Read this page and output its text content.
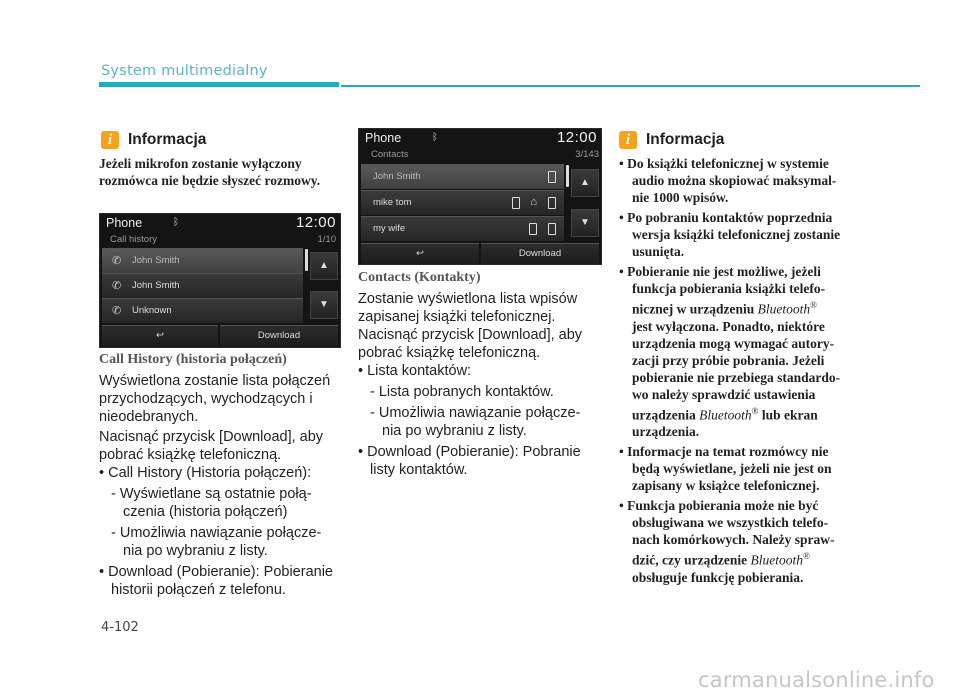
System multimedialny
i	Informacja

Jeżeli mikrofon zostanie wyłączony

rozmówca nie będzie słyszeć rozmowy.

Phone	ᛒ	12:00
Call history	1/10
✆	John Smith
✆	John Smith
✆	Unknown
▲
▼
↩	Download
Call History (historia połączeń)

Wyświetlona zostanie lista połączeń

przychodzących, wychodzących i

nieodebranych.

Nacisnąć przycisk [Download], aby

pobrać książkę telefoniczną.

• Call History (Historia połączeń):

- Wyświetlane są ostatnie połą-

czenia (historia połączeń)

- Umożliwia nawiązanie połącze-

nia po wybraniu z listy.

• Download (Pobieranie): Pobieranie

historii połączeń z telefonu.

Phone	ᛒ	12:00
Contacts	3/143
John Smith
mike tom	⌂
my wife
▲
▼
↩	Download
Contacts (Kontakty)

Zostanie wyświetlona lista wpisów

zapisanej książki telefonicznej.

Nacisnąć przycisk [Download], aby

pobrać książkę telefoniczną.

• Lista kontaktów:

- Lista pobranych kontaktów.

- Umożliwia nawiązanie połącze-

nia po wybraniu z listy.

• Download (Pobieranie): Pobranie

listy kontaktów.

i	Informacja

• Do książki telefonicznej w systemie

audio można skopiować maksymal-

nie 1000 wpisów.

• Po pobraniu kontaktów poprzednia

wersja książki telefonicznej zostanie

usunięta.

• Pobieranie nie jest możliwe, jeżeli

funkcja pobierania książki telefo-

nicznej w urządzeniu Bluetooth®

jest wyłączona. Ponadto, niektóre

urządzenia mogą wymagać autory-

zacji przy próbie pobrania. Jeżeli

pobieranie nie przebiega standardo-

wo należy sprawdzić ustawienia

urządzenia Bluetooth® lub ekran

urządzenia.

• Informacje na temat rozmówcy nie

będą wyświetlane, jeżeli nie jest on

zapisany w książce telefonicznej.

• Funkcja pobierania może nie być

obsługiwana we wszystkich telefo-

nach komórkowych. Należy spraw-

dzić, czy urządzenie Bluetooth®

obsługuje funkcję pobierania.

4-102
carmanualsonline.info
